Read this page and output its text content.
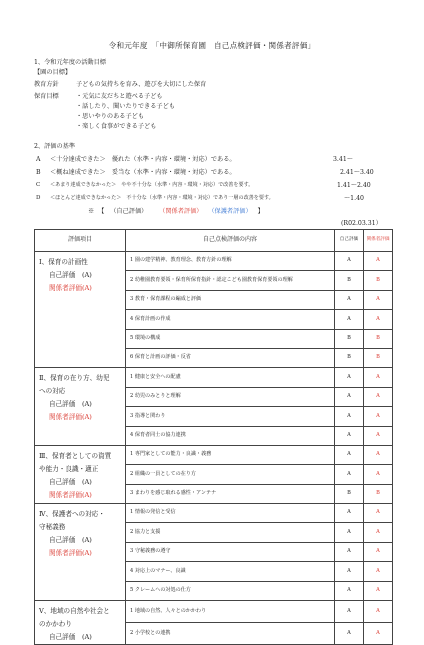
令和元年度　「中御所保育園　自己点検評価・関係者評価」
1、令和元年度の活動目標
【園の目標】
教育方針	子どもの気持ちを育み、遊びを大切にした保育
保育目標	・元気に友だちと遊べる子ども
・話したり、聞いたりできる子ども
・思いやりのある子ども
・楽しく食事ができる子ども
2、評価の基準
A ＜十分達成できた＞　優れた（水準・内容・環境・対応）である。	3.41～
B ＜概ね達成できた＞　妥当な（水準・内容・環境・対応）である。	2.41～3.40
C ＜あまり達成できなかった＞　やや不十分な（水準・内容・環境・対応）で改善を要す。	1.41～2.40
D ＜ほとんど達成できなかった＞　不十分な（水準・内容・環境・対応）であり一層の改善を要す。	～1.40
※ 【 （自己評価） （関係者評価） （保護者評価） 】
(R02.03.31）
評価項目	自己点検評価の内容	自己評価	関係者評価

Ⅰ、保育の計画性
自己評価　(A)
関係者評価(A)	1 園の建学精神、教育理念、教育方針の理解	A	A
	2 幼稚園教育要領・保育所保育指針・認定こども園教育保育要領の理解	B	B
	3 教育・保育課程の編成と評価	A	A
	4 保育計画の作成	A	A
	5 環境の構成	B	B
	6 保育と計画の評価・反省	B	B

Ⅱ、保育の在り方、幼児
への対応
自己評価　(A)
関係者評価(A)	1 健康と安全への配慮	A	A
	2 幼児のみとりと理解	A	A
	3 指導と関わり	A	A
	4 保育者同士の協力連携	A	A

Ⅲ、保育者としての資質
や能力・良識・適正
自己評価　(A)
関係者評価(A)	1 専門家としての能力・良識・義務	A	A
	2 組織の一員としての在り方	A	A
	3 まわりを感じ取れる感性・アンテナ	B	B

Ⅳ、保護者への対応・
守秘義務
自己評価　(A)
関係者評価(A)	1 情報の発信と受信	A	A
	2 協力と支援	A	A
	3 守秘義務の遵守	A	A
	4 対応上のマナー、良識	A	A
	5 クレームへの対処の仕方	A	A

Ⅴ、地域の自然や社会と
のかかわり
自己評価　(A)	1 地域の自然、人々とのかかわり	A	A
	2 小学校との連携	A	A
